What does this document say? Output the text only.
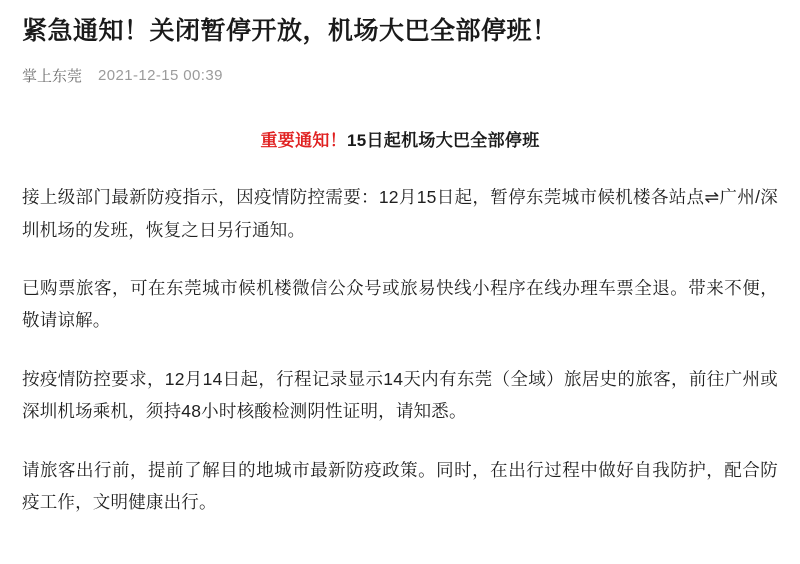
紧急通知！关闭暂停开放，机场大巴全部停班！
掌上东莞 2021-12-15 00:39
重要通知！15日起机场大巴全部停班

接上级部门最新防疫指示，因疫情防控需要：12月15日起，暂停东莞城市候机楼各站点⇌广州/深圳机场的发班，恢复之日另行通知。

已购票旅客，可在东莞城市候机楼微信公众号或旅易快线小程序在线办理车票全退。带来不便，敬请谅解。

按疫情防控要求，12月14日起，行程记录显示14天内有东莞（全域）旅居史的旅客，前往广州或深圳机场乘机，须持48小时核酸检测阴性证明，请知悉。

请旅客出行前，提前了解目的地城市最新防疫政策。同时，在出行过程中做好自我防护，配合防疫工作，文明健康出行。
